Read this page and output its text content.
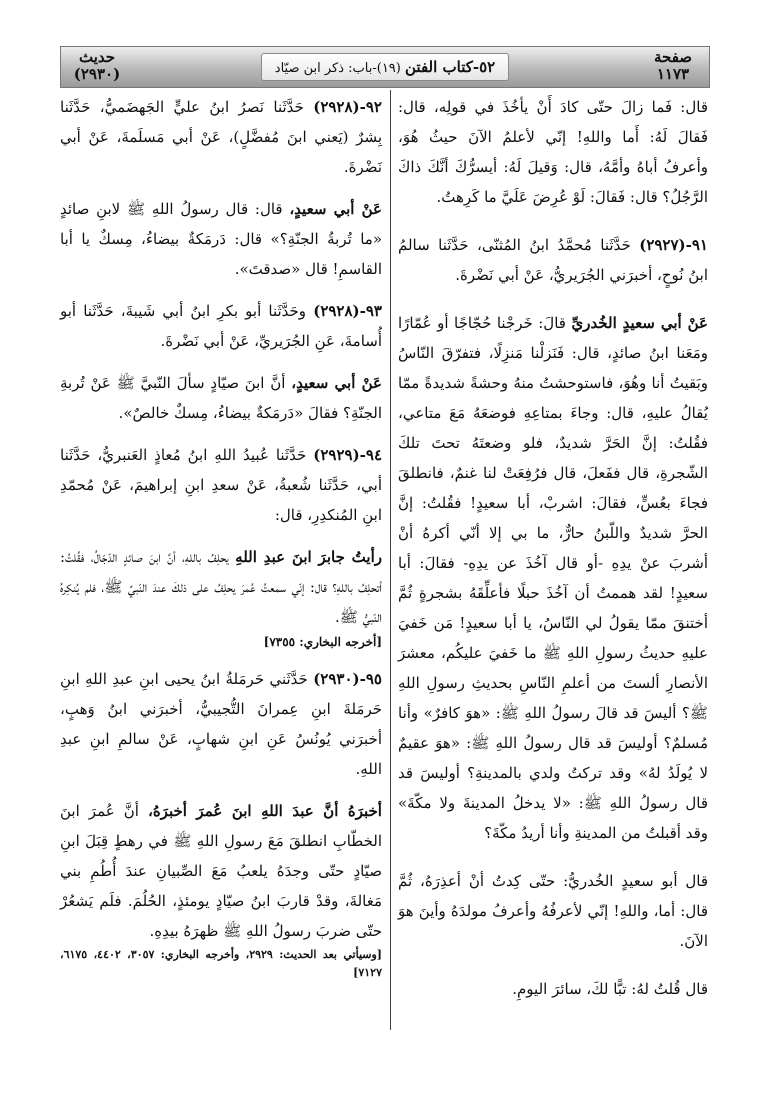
صفحة
١١٧٣
٥٢-كتاب الفتن (١٩)-باب: ذكر ابن صيّاد
حديث
(٢٩٣٠)

قال: فَما زالَ حتّى كادَ أَنْ يأخُذَ في قولِه، قال: فَقالَ لَهُ: أَما واللهِ! إنّي لأعلمُ الآنَ حيثُ هُوَ، وأعرفُ أباهُ وأمَّهُ، قال: وَقيلَ لَهُ: أيسرُّكَ أنَّكَ ذاكَ الرَّجُلُ؟ قال: فَقالَ: لَوْ عُرِضَ عَلَيَّ ما كَرِهتُ.

٩١-(٢٩٢٧) حَدَّثَنا مُحمَّدُ ابنُ المُثنّى، حَدَّثَنا سالمُ ابنُ نُوحٍ، أخبرَني الجُرَيريُّ، عَنْ أبي نَضْرةَ.

عَنْ أبي سعيدٍ الخُدريِّ قالَ: خَرجْنا حُجّاجًا أو عُمّارًا ومَعَنا ابنُ صائدٍ، قال: فَنَزلْنا مَنزِلًا، فتفرّقَ النّاسُ وبَقيتُ أنا وهُوَ، فاستوحشتُ منهُ وحشةً شديدةً ممّا يُقالُ عليهِ، قال: وجاءَ بمتاعِهِ فوضعَهُ مَعَ متاعي، فقُلتُ: إنَّ الحَرَّ شديدٌ، فلو وضعتَهُ تحتَ تلكَ الشّجرةِ، قال ففَعلَ، قال فرُفِعَتْ لنا غنمٌ، فانطلقَ فجاءَ بعُسٍّ، فقالَ: اشربْ، أبا سعيدٍ! فقُلتُ: إنَّ الحرَّ شديدٌ واللّبنُ حارٌّ، ما بي إلا أنّي أكرهُ أنْ أشربَ عنْ يدِهِ -أو قال آخُذَ عن يدِهِ- فقالَ: أبا سعيدٍ! لقد هممتُ أن آخُذَ حبلًا فأعلِّقَهُ بشجرةٍ ثُمَّ أختنقَ ممّا يقولُ لي النّاسُ، يا أبا سعيدٍ! مَن خَفيَ عليهِ حديثُ رسولِ اللهِ ﷺ ما خَفيَ عليكُم، معشرَ الأنصارِ ألستَ من أعلمِ النّاسِ بحديثِ رسولِ اللهِ ﷺ؟ أليسَ قد قالَ رسولُ اللهِ ﷺ: «هوَ كافرٌ» وأنا مُسلمٌ؟ أوليسَ قد قال رسولُ اللهِ ﷺ: «هوَ عقيمٌ لا يُولَدُ لهُ» وقد تركتُ ولدي بالمدينةِ؟ أوليسَ قد قال رسولُ اللهِ ﷺ: «لا يدخلُ المدينةَ ولا مكّةَ» وقد أقبلتُ من المدينةِ وأنا أريدُ مكّةَ؟

قال أبو سعيدٍ الخُدريُّ: حتّى كِدتُ أنْ أعذِرَهُ، ثُمَّ قال: أما، واللهِ! إنّي لأعرفُهُ وأعرفُ مولدَهُ وأينَ هوَ الآنَ.

قال قُلتُ لهُ: تبًّا لكَ، سائرَ اليومِ.

٩٢-(٢٩٢٨) حَدَّثَنا نَصرُ ابنُ عليٍّ الجَهضَميُّ، حَدَّثَنا بِشرٌ (يَعني ابنَ مُفضَّلٍ)، عَنْ أبي مَسلَمةَ، عَنْ أبي نَضْرةَ.

عَنْ أبي سعيدٍ، قال: قال رسولُ اللهِ ﷺ لابنِ صائدٍ «ما تُربةُ الجنّةِ؟» قال: دَرمَكةٌ بيضاءُ، مِسكٌ يا أبا القاسمِ! قال «صدقتَ».

٩٣-(٢٩٢٨) وحَدَّثَنا أبو بكرِ ابنُ أبي شَيبةَ، حَدَّثَنا أبو أُسامةَ، عَنِ الجُرَيريِّ، عَنْ أبي نَضْرةَ.

عَنْ أبي سعيدٍ، أنَّ ابنَ صيّادٍ سألَ النّبيَّ ﷺ عَنْ تُربةِ الجنّةِ؟ فقالَ «دَرمَكةٌ بيضاءُ، مِسكٌ خالصٌ».

٩٤-(٢٩٢٩) حَدَّثَنا عُبيدُ اللهِ ابنُ مُعاذٍ العَنبريُّ، حَدَّثَنا أبي، حَدَّثَنا شُعبةُ، عَنْ سعدِ ابنِ إبراهيمَ، عَنْ مُحمّدِ ابنِ المُنكدِرِ، قال:

رأيتُ جابرَ ابنَ عبدِ اللهِ يحلِفُ باللهِ، أنَّ ابنَ صائدٍ الدّجّالُ، فقُلتُ: أتحلِفُ باللهِ؟ قال: إنّي سمعتُ عُمرَ يحلِفُ على ذلكَ عندَ النّبيِّ ﷺ، فلم يُنكِرهُ النّبيُّ ﷺ.

[أخرجه البخاري: ٧٣٥٥]

٩٥-(٢٩٣٠) حَدَّثَني حَرمَلةُ ابنُ يحيى ابنِ عبدِ اللهِ ابنِ حَرمَلةَ ابنِ عِمرانَ التُّجيبيُّ، أخبرَني ابنُ وَهبٍ، أخبرَني يُونُسُ عَنِ ابنِ شهابٍ، عَنْ سالمِ ابنِ عبدِ اللهِ.

أخبرَهُ أنَّ عبدَ اللهِ ابنَ عُمرَ أخبرَهُ، أنَّ عُمرَ ابنَ الخطّابِ انطلقَ مَعَ رسولِ اللهِ ﷺ في رهطٍ قِبَلَ ابنِ صيّادٍ حتّى وجدَهُ يلعبُ مَعَ الصِّبيانِ عندَ أُطُمِ بني مَغالةَ، وقدْ قاربَ ابنُ صيّادٍ يومئذٍ، الحُلُمَ. فلَم يَشعُرْ حتّى ضربَ رسولُ اللهِ ﷺ ظهرَهُ بيدِهِ.

[وسيأتي بعد الحديث: ٢٩٢٩، وأخرجه البخاري: ٣٠٥٧، ٤٤٠٢، ٦١٧٥، ٧١٢٧]
